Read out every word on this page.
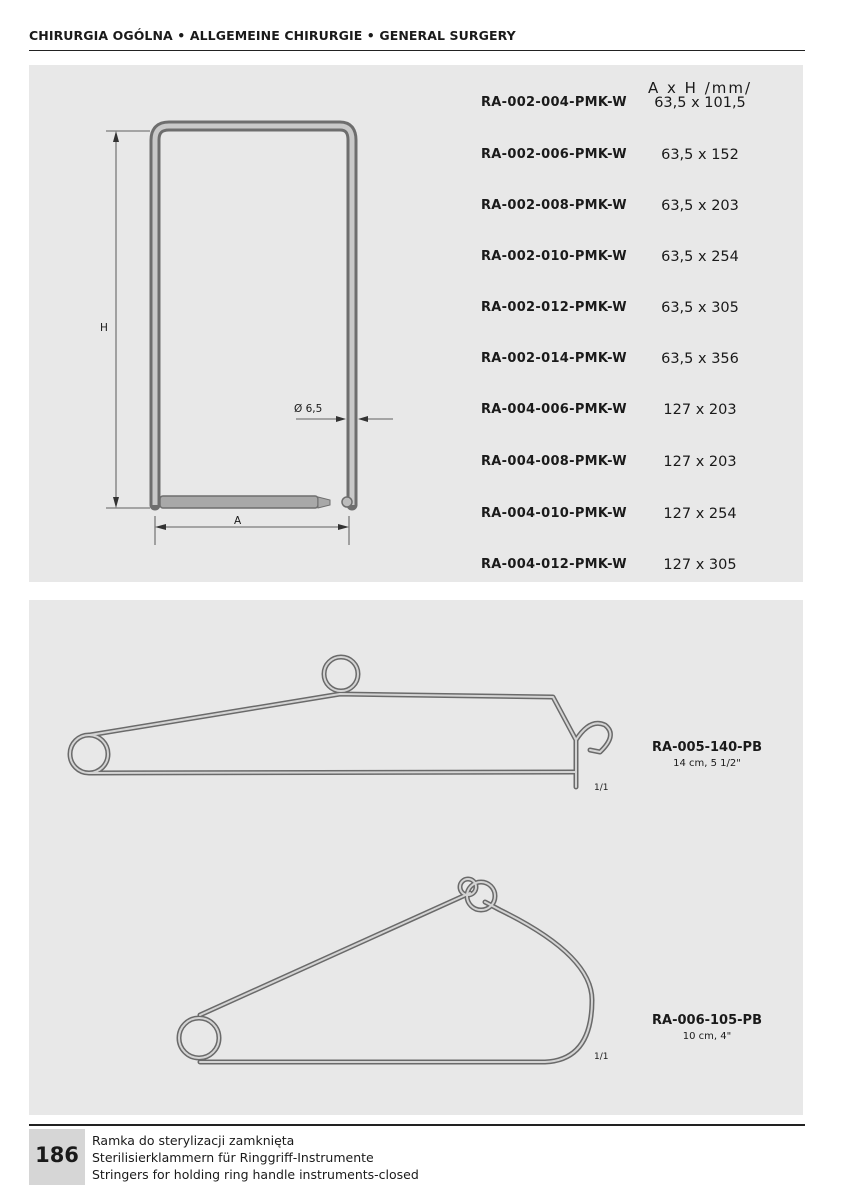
CHIRURGIA OGÓLNA • ALLGEMEINE CHIRURGIE • GENERAL SURGERY
H
A
Ø 6,5
A x H /mm/
RA-002-004-PMK-W	63,5 x 101,5
RA-002-006-PMK-W	63,5 x 152
RA-002-008-PMK-W	63,5 x 203
RA-002-010-PMK-W	63,5 x 254
RA-002-012-PMK-W	63,5 x 305
RA-002-014-PMK-W	63,5 x 356
RA-004-006-PMK-W	127 x 203
RA-004-008-PMK-W	127 x 203
RA-004-010-PMK-W	127 x 254
RA-004-012-PMK-W	127 x 305
RA-005-140-PB
14 cm, 5 1/2"
1/1
RA-006-105-PB
10 cm, 4"
1/1
186
Ramka do sterylizacji zamknięta
Sterilisierklammern für Ringgriff-Instrumente
Stringers for holding ring handle instruments-closed
